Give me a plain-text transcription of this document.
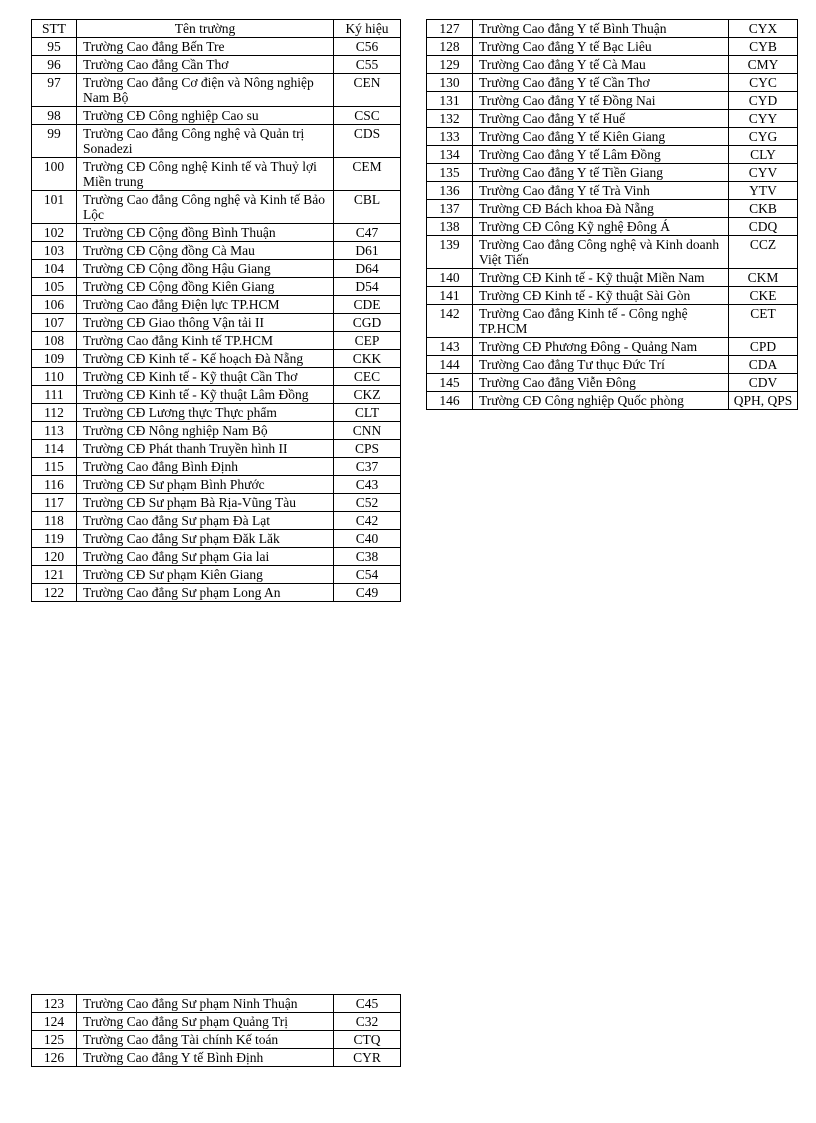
STT	Tên trường	Ký hiệu
95	Trường Cao đẳng Bến Tre	C56
96	Trường Cao đẳng Cần Thơ	C55
97	Trường Cao đẳng Cơ điện và Nông nghiệp Nam Bộ	CEN
98	Trường CĐ Công nghiệp Cao su	CSC
99	Trường Cao đẳng Công nghệ và Quản trị Sonadezi	CDS
100	Trường CĐ Công nghệ Kinh tế và Thuỷ lợi Miền trung	CEM
101	Trường Cao đẳng Công nghệ và Kinh tế Bảo Lộc	CBL
102	Trường CĐ Cộng đồng Bình Thuận	C47
103	Trường CĐ Cộng đồng Cà Mau	D61
104	Trường CĐ Cộng đồng Hậu Giang	D64
105	Trường CĐ Cộng đồng Kiên Giang	D54
106	Trường Cao đẳng Điện lực TP.HCM	CDE
107	Trường CĐ Giao thông Vận tải II	CGD
108	Trường Cao đẳng Kinh tế TP.HCM	CEP
109	Trường CĐ Kinh tế - Kế hoạch Đà Nẵng	CKK
110	Trường CĐ Kinh tế - Kỹ thuật Cần Thơ	CEC
111	Trường CĐ Kinh tế - Kỹ thuật Lâm Đồng	CKZ
112	Trường CĐ Lương thực Thực phẩm	CLT
113	Trường CĐ Nông nghiệp Nam Bộ	CNN
114	Trường CĐ Phát thanh Truyền hình II	CPS
115	Trường Cao đẳng Bình Định	C37
116	Trường CĐ Sư phạm Bình Phước	C43
117	Trường CĐ Sư phạm Bà Rịa-Vũng Tàu	C52
118	Trường Cao đẳng Sư phạm Đà Lạt	C42
119	Trường Cao đẳng Sư phạm Đăk Lăk	C40
120	Trường Cao đẳng Sư phạm Gia lai	C38
121	Trường CĐ Sư phạm Kiên Giang	C54
122	Trường Cao đẳng Sư phạm Long An	C49
127	Trường Cao đẳng Y tế Bình Thuận	CYX
128	Trường Cao đẳng Y tế Bạc Liêu	CYB
129	Trường Cao đẳng Y tế Cà Mau	CMY
130	Trường Cao đẳng Y tế Cần Thơ	CYC
131	Trường Cao đẳng Y tế Đồng Nai	CYD
132	Trường Cao đẳng Y tế Huế	CYY
133	Trường Cao đẳng Y tế Kiên Giang	CYG
134	Trường Cao đẳng Y tế Lâm Đồng	CLY
135	Trường Cao đẳng Y tế Tiền Giang	CYV
136	Trường Cao đẳng Y tế Trà Vinh	YTV
137	Trường CĐ Bách khoa Đà Nẵng	CKB
138	Trường CĐ Công Kỹ nghệ Đông Á	CDQ
139	Trường Cao đẳng Công nghệ và Kinh doanh Việt Tiến	CCZ
140	Trường CĐ Kinh tế - Kỹ thuật Miền Nam	CKM
141	Trường CĐ Kinh tế - Kỹ thuật Sài Gòn	CKE
142	Trường Cao đẳng Kinh tế - Công nghệ TP.HCM	CET
143	Trường CĐ Phương Đông - Quảng Nam	CPD
144	Trường Cao đẳng Tư thục Đức Trí	CDA
145	Trường Cao đẳng Viễn Đông	CDV
146	Trường CĐ Công nghiệp Quốc phòng	QPH, QPS
123	Trường Cao đẳng Sư phạm Ninh Thuận	C45
124	Trường Cao đẳng Sư phạm Quảng Trị	C32
125	Trường Cao đẳng Tài chính Kế toán	CTQ
126	Trường Cao đẳng Y tế Bình Định	CYR
